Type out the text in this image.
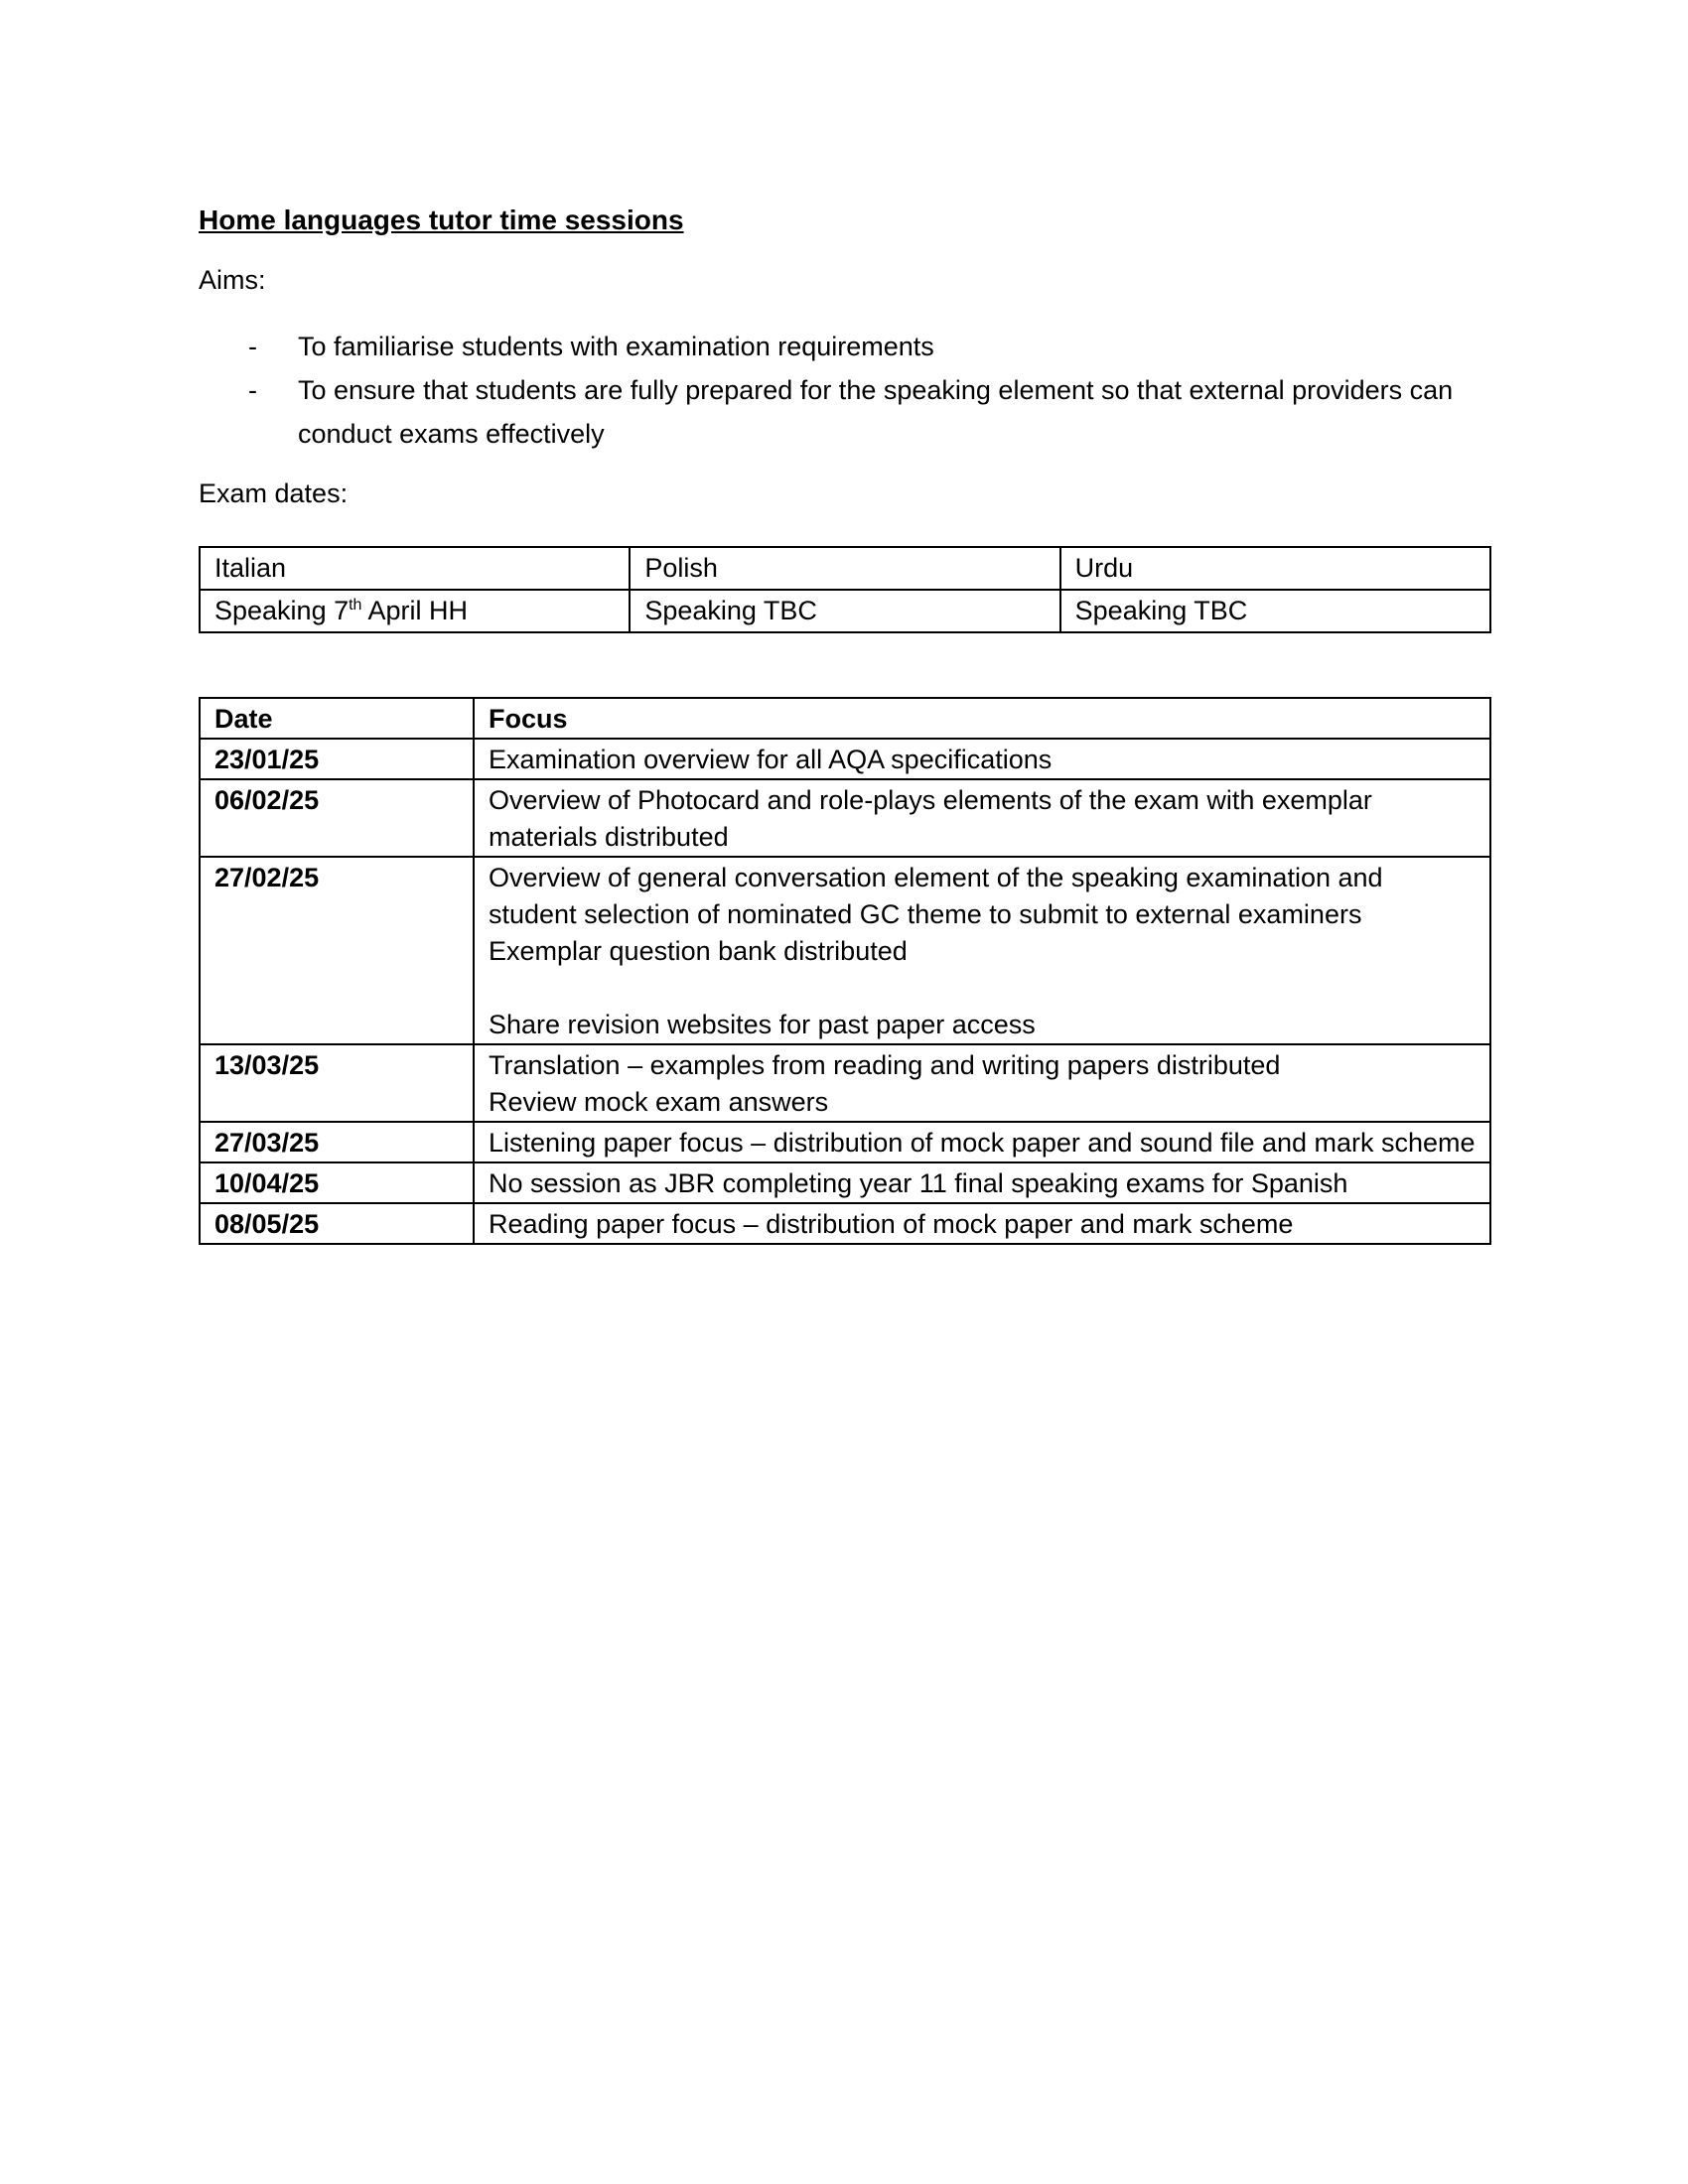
Home languages tutor time sessions

Aims:

- To familiarise students with examination requirements
- To ensure that students are fully prepared for the speaking element so that external providers can conduct exams effectively

Exam dates:

Italian	Polish	Urdu
Speaking 7th April HH	Speaking TBC	Speaking TBC
Date	Focus
23/01/25	Examination overview for all AQA specifications

06/02/25	Overview of Photocard and role-plays elements of the exam with exemplar materials distributed

27/02/25	Overview of general conversation element of the speaking examination and student selection of nominated GC theme to submit to external examiners
Exemplar question bank distributed
Share revision websites for past paper access

13/03/25	Translation – examples from reading and writing papers distributed
Review mock exam answers

27/03/25	Listening paper focus – distribution of mock paper and sound file and mark scheme

10/04/25	No session as JBR completing year 11 final speaking exams for Spanish

08/05/25	Reading paper focus – distribution of mock paper and mark scheme
